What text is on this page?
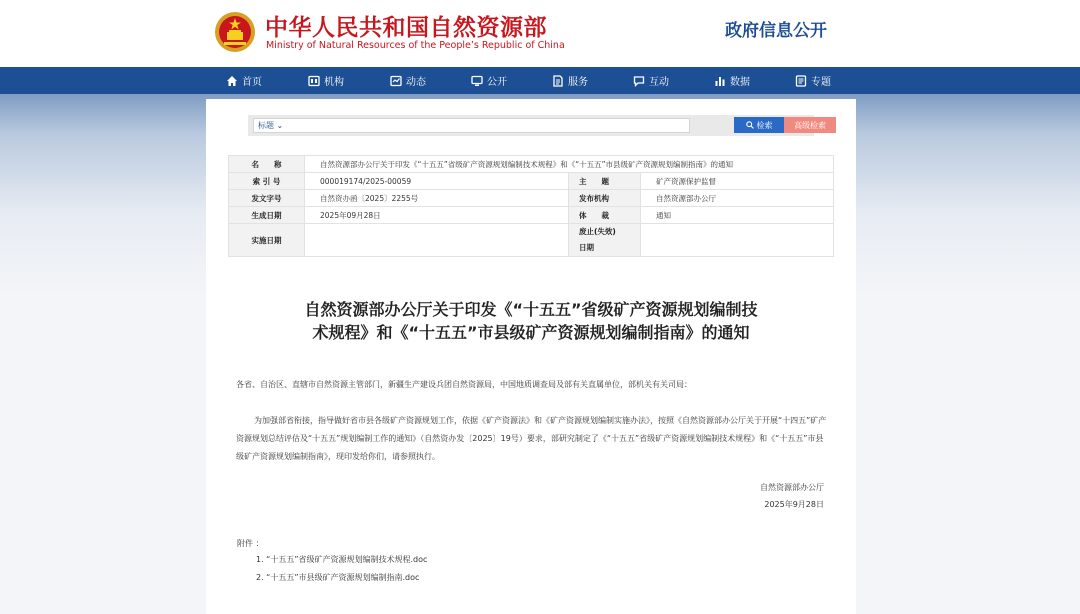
中华人民共和国自然资源部
Ministry of Natural Resources of the People’s Republic of China
政府信息公开
首页	机构	动态	公开	服务	互动	数据	专题
标题 ⌄	检索	高级检索
名　　称	自然资源部办公厅关于印发《“十五五”省级矿产资源规划编制技术规程》和《“十五五”市县级矿产资源规划编制指南》的通知		
索 引 号	000019174/2025-00059	主　　题	矿产资源保护监督
发文字号	自然资办函〔2025〕2255号	发布机构	自然资源部办公厅
生成日期	2025年09月28日	体　　裁	通知
实施日期		废止(失效)
日期	

自然资源部办公厅关于印发《“十五五”省级矿产资源规划编制技术规程》和《“十五五”市县级矿产资源规划编制指南》的通知
各省、自治区、直辖市自然资源主管部门，新疆生产建设兵团自然资源局，中国地质调查局及部有关直属单位，部机关有关司局：
为加强部省衔接，指导做好省市县各级矿产资源规划工作，依据《矿产资源法》和《矿产资源规划编制实施办法》，按照《自然资源部办公厅关于开展“十四五”矿产资源规划总结评估及“十五五”规划编制工作的通知》（自然资办发〔2025〕19号）要求，部研究制定了《“十五五”省级矿产资源规划编制技术规程》和《“十五五”市县级矿产资源规划编制指南》，现印发给你们，请参照执行。
自然资源部办公厅
2025年9月28日
附件 ：
1. “十五五”省级矿产资源规划编制技术规程.doc
2. “十五五”市县级矿产资源规划编制指南.doc
